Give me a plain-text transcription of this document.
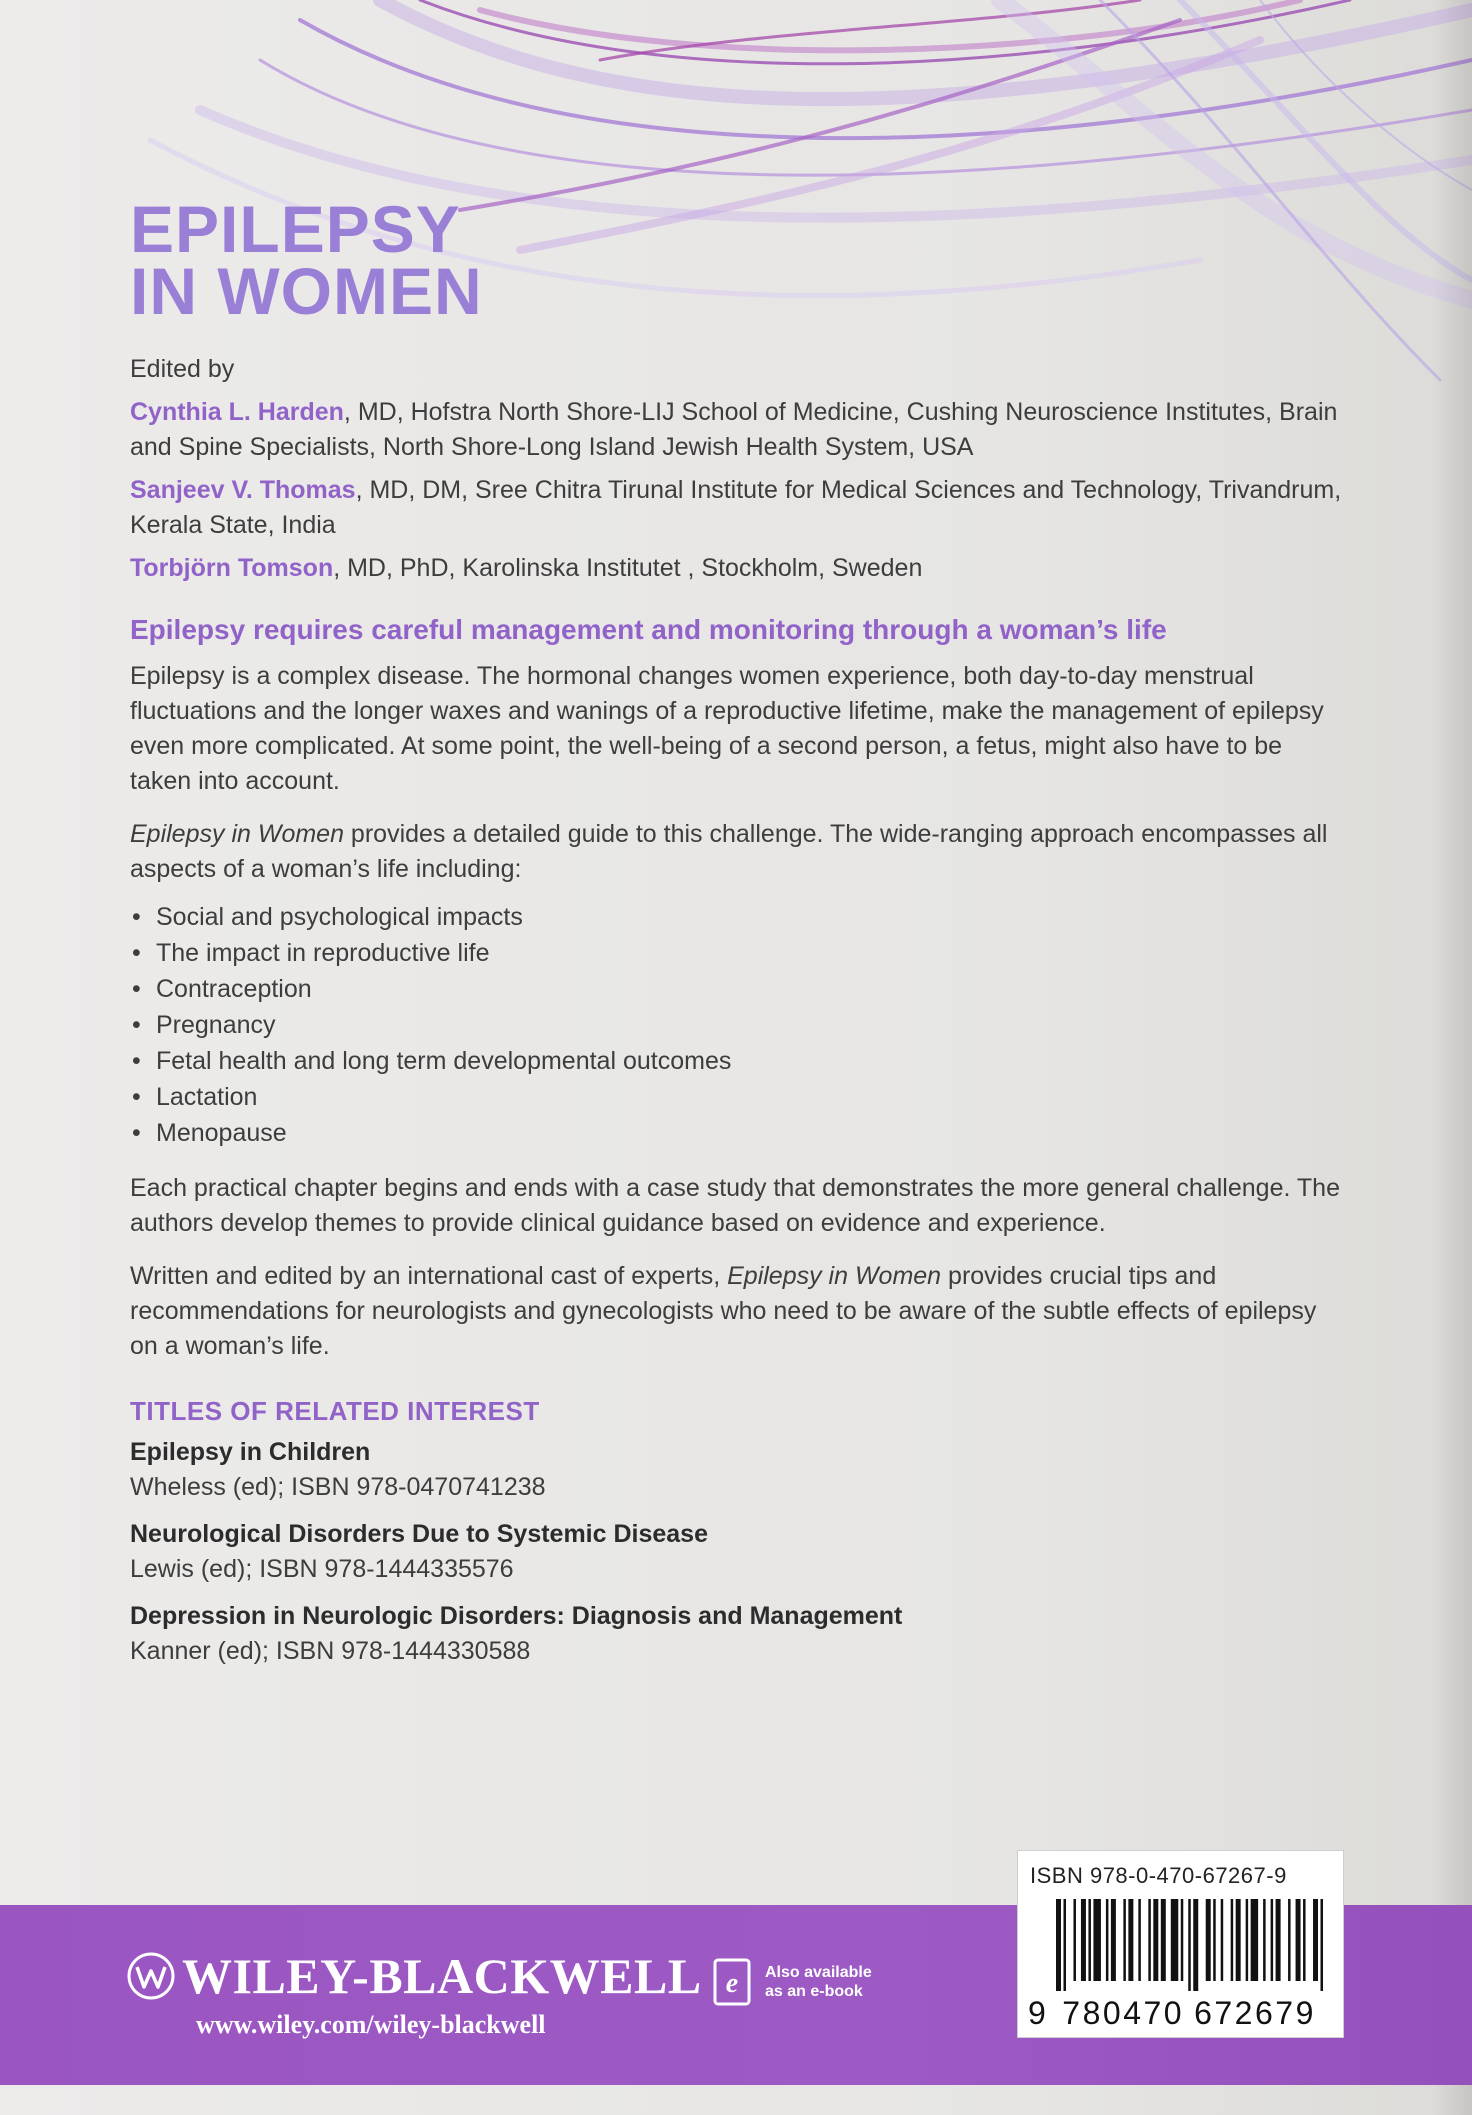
EPILEPSY
IN WOMEN

Edited by

Cynthia L. Harden, MD, Hofstra North Shore-LIJ School of Medicine, Cushing Neuroscience Institutes, Brain and Spine Specialists, North Shore-Long Island Jewish Health System, USA

Sanjeev V. Thomas, MD, DM, Sree Chitra Tirunal Institute for Medical Sciences and Technology, Trivandrum, Kerala State, India

Torbjörn Tomson, MD, PhD, Karolinska Institutet , Stockholm, Sweden

Epilepsy requires careful management and monitoring through a woman’s life

Epilepsy is a complex disease. The hormonal changes women experience, both day-to-day menstrual fluctuations and the longer waxes and wanings of a reproductive lifetime, make the management of epilepsy even more complicated. At some point, the well-being of a second person, a fetus, might also have to be taken into account.

Epilepsy in Women provides a detailed guide to this challenge. The wide-ranging approach encompasses all aspects of a woman’s life including:

• Social and psychological impacts
• The impact in reproductive life
• Contraception
• Pregnancy
• Fetal health and long term developmental outcomes
• Lactation
• Menopause

Each practical chapter begins and ends with a case study that demonstrates the more general challenge. The authors develop themes to provide clinical guidance based on evidence and experience.

Written and edited by an international cast of experts, Epilepsy in Women provides crucial tips and recommendations for neurologists and gynecologists who need to be aware of the subtle effects of epilepsy on a woman’s life.

TITLES OF RELATED INTEREST

Epilepsy in Children
Wheless (ed); ISBN 978-0470741238
Neurological Disorders Due to Systemic Disease
Lewis (ed); ISBN 978-1444335576
Depression in Neurologic Disorders: Diagnosis and Management
Kanner (ed); ISBN 978-1444330588
WILEY-BLACKWELL
www.wiley.com/wiley-blackwell
e Also available
as an e-book
ISBN 978-0-470-67267-9
9 780470 672679
